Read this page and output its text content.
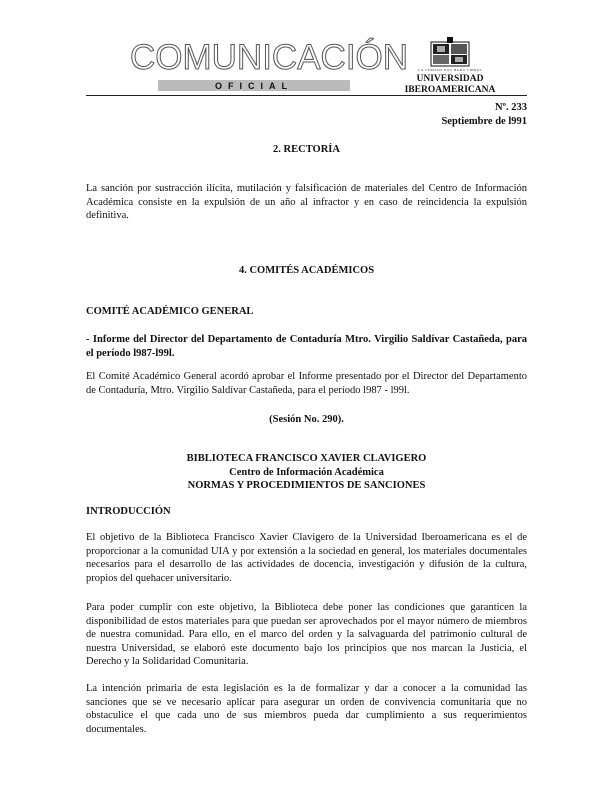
COMUNICACIÓN
OFICIAL
LA VERDAD NOS HARÁ LIBRES
UNIVERSIDAD
IBEROAMERICANA
Nº. 233
Septiembre de l991
2. RECTORÍA

La sanción por sustracción ilícita, mutilación y falsificación de materiales del Centro de Información Académica consiste en la expulsión de un año al infractor y en caso de reincidencia la expulsión definitiva.

4. COMITÉS ACADÉMICOS
COMITÉ ACADÉMICO GENERAL

- Informe del Director del Departamento de Contaduría Mtro. Virgilio Saldívar Castañeda, para el período l987-l99l.

El Comité Académico General acordó aprobar el Informe presentado por el Director del Departamento de Contaduría, Mtro. Virgilio Saldívar Castañeda, para el período l987 - l99l.

(Sesión No. 290).
BIBLIOTECA FRANCISCO XAVIER CLAVIGERO
Centro de Información Académica
NORMAS Y PROCEDIMIENTOS DE SANCIONES
INTRODUCCIÓN

El objetivo de la Biblioteca Francisco Xavier Clavigero de la Universidad Iberoamericana es el de proporcionar a la comunidad UIA y por extensión a la sociedad en general, los materiales documentales necesarios para el desarrollo de las actividades de docencia, investigación y difusión de la cultura, propios del quehacer universitario.

Para poder cumplir con este objetivo, la Biblioteca debe poner las condiciones que garanticen la disponibilidad de estos materiales para que puedan ser aprovechados por el mayor número de miembros de nuestra comunidad. Para ello, en el marco del orden y la salvaguarda del patrimonio cultural de nuestra Universidad, se elaboró este documento bajo los principios que nos marcan la Justicia, el Derecho y la Solidaridad Comunitaria.

La intención primaria de esta legislación es la de formalizar y dar a conocer a la comunidad las sanciones que se ve necesario aplicar para asegurar un orden de convivencia comunitaria que no obstaculice el que cada uno de sus miembros pueda dar cumplimiento a sus requerimientos documentales.
